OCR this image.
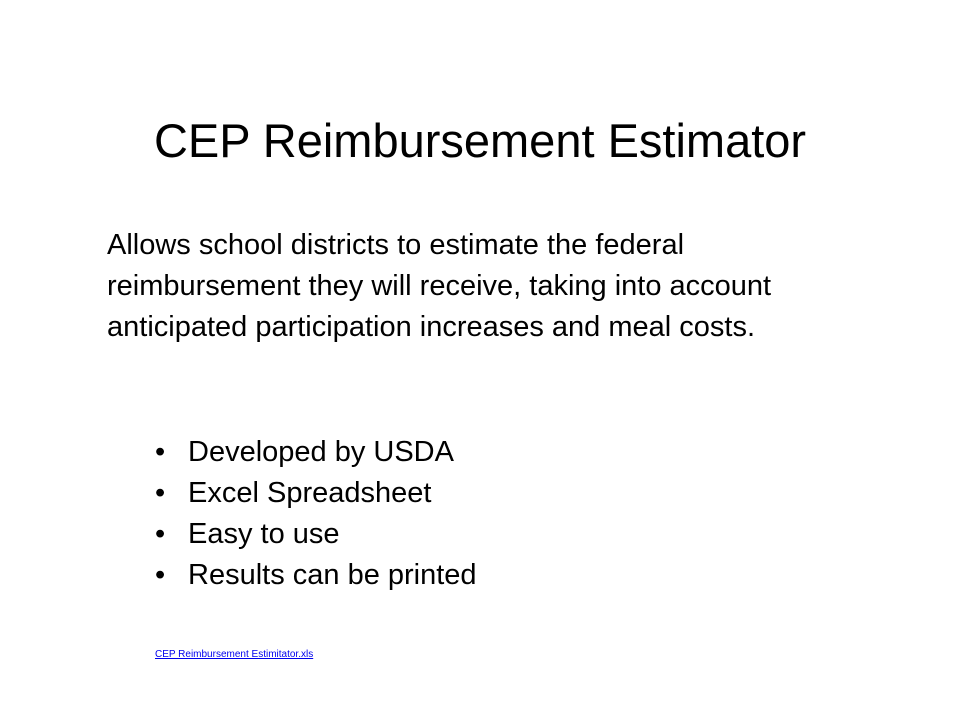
CEP Reimbursement Estimator

Allows school districts to estimate the federal reimbursement they will receive, taking into account anticipated participation increases and meal costs.

• Developed by USDA
• Excel Spreadsheet
• Easy to use
• Results can be printed
CEP Reimbursement Estimitator.xls
